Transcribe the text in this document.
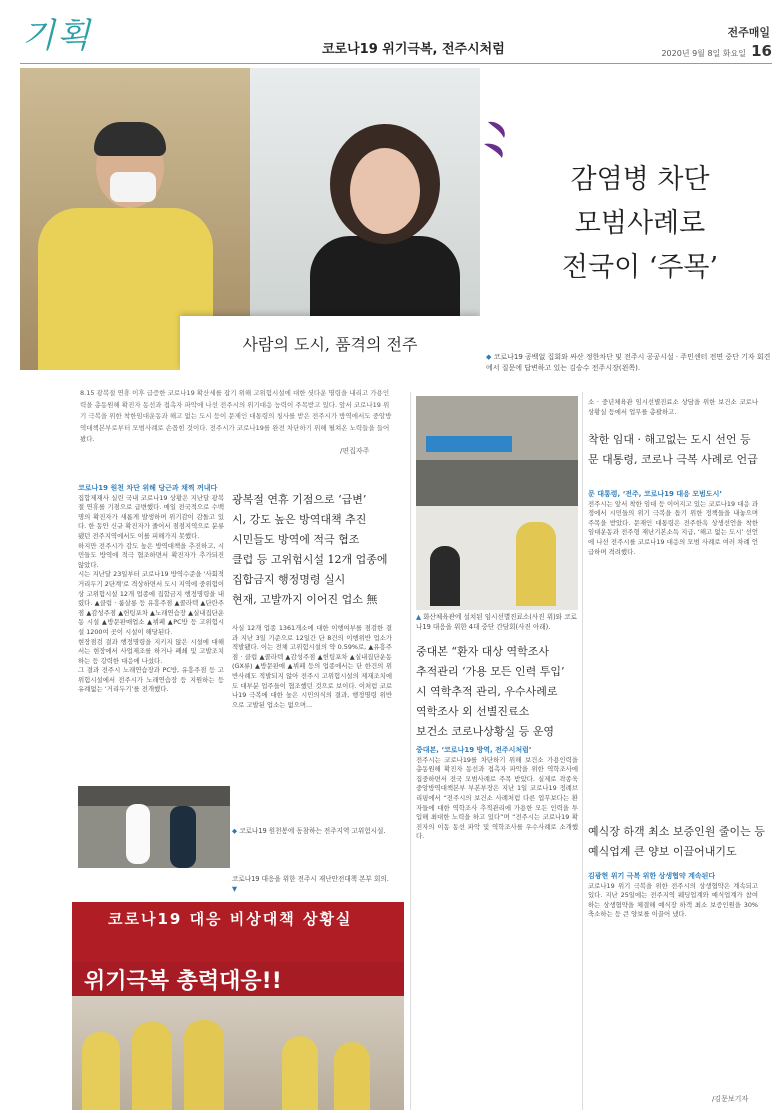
기획	코로나19 위기극복, 전주시처럼
전주매일
2020년 9월 8일 화요일 16
사람의 도시, 품격의 전주
감염병 차단
모범사례로
전국이 ‘주목’
◆ 코로나19 공백없 집회와 싸산 정한차단 및 전주시 공공시설 · 주민센터 전면 중단 기자 회견에서 질문에 답변하고 있는 김승수 전주시장(왼쪽).
8.15 광복절 연휴 이후 급증한 코로나19 확산세를 잡기 위해 고위험시설에 대한 셧다운 명령을 내리고 가용인력을 총동원해 확진자 동선과 접촉자 파악에 나선 전주시의 위기대응 능력이 주목받고 있다. 앞서 코로나19 위기 극복을 위한 착한임대운동과 해고 없는 도시 등이 문제인 대통령의 칭사를 받은 전주시가 방역에서도 중앙방역대책본부로부터 모범사례로 손꼽힌 것이다. 전주시가 코로나19를 완전 차단하기 위해 펼쳐온 노력들을 들어봤다.
/편집자주
코로나19 원천 차단 위해 당근과 채찍 꺼내다

집합제재사 실린 국내 코로나19 상황은 지난달 광복절 연휴를 기점으로 급변했다. 매일 전국적으로 수백명의 확진자가 새롭게 발생하며 위기감이 감돌고 있다. 한 동안 신규 확진자가 줄어서 점점지역으로 분류됐던 전주지역에서도 이를 피해가지 못했다.

하지만 전주시가 감도 높은 방역대책을 추진하고, 시민들도 방역에 적극 협조하면서 확진자가 추가되진 않았다.

시는 지난달 23일부터 코로나19 방역수준을 '사회적 거리두기 2단계'로 격상하면서 도시 지역에 중위험이상 고위험시설 12개 업종에 집합금지 행정명령을 내렸다. ▲클럽 · 룸살롱 등 유흥주점 ▲콜라텍 ▲단란주점 ▲감성주점 ▲헌팅포차 ▲노래연습장 ▲실내집단운동 시설 ▲방문판매업소 ▲뷔페 ▲PC방 등 고위험시설 1200여 곳이 시설이 해당된다.

현장점검 결과 행정명령을 지키지 않은 시설에 대해서는 현장에서 사업제조를 하거나 폐쇄 및 고발조치하는 등 강력한 대응에 나섰다.

그 결과 전주시 노래연습장과 PC방, 유흥주점 등 고위험시설에서 전주시가 노래연습장 등 지원하는 등 유례없는 ‘거리두기’를 전개했다.

광복절 연휴 기점으로 ‘급변’
시, 강도 높은 방역대책 추진
시민들도 방역에 적극 협조
클럽 등 고위험시설 12개 업종에
집합금지 행정명령 실시
현재, 고발까지 이어진 업소 無
사실 12개 업종 1361개소에 대한 이행여부를 점검한 결과 지난 3일 기준으로 12일간 단 8건의 이행위반 업소가 적발됐다. 이는 전체 고위험시설의 약 0.59%로, ▲유흥주점 · 클럽 ▲콜라텍 ▲감성주점 ▲헌팅포차 ▲실내집단운동(GX류) ▲방문판매 ▲뷔페 등의 업종에서는 단 한건의 위반사례도 적발되지 않아 전주시 고위험시설의 제재조치에도 대부분 업주들이 협조했던 것으로 보이다. 이처럼 코로나19 극복에 대한 높은 시민의식의 결과, 행정명령 위반으로 고발된 업소는 없으며...
◆ 코로나19 원천봉에 동참하는 전주지역 고위험시설.
코로나19 대응을 위한 전주시 재난안전대책 본부 회의. ▼
코로나19 대응 비상대책 상황실
위기극복 총력대응!!
▲ 화산체육관에 설치된 임시선별진료소(사진 위)와 코로나19 대응을 위한 4대 중단 간담회(사진 아래).
중대본 “환자 대상 역학조사
추적관리 ‘가용 모든 인력 투입’
시 역학추적 관리, 우수사례로
역학조사 외 선별진료소
보건소 코로나상황실 등 운영
중대본, ‘코로나19 방역, 전주시처럼’

전주시는 코로나19를 차단하기 위해 보건소 가용인력을 총동원해 확진자 동선과 접촉자 파악을 위한 역학조사에 집중하면서 전국 모범사례로 주목 받았다. 실제로 곽종욱 중앙방역대책본부 부본부장은 지난 1일 코로나19 정례브리핑에서 “전주시의 보건소 사례처럼 다른 업무보다는 환자들에 대한 역학조사 추적관리에 가용한 모든 인력을 투입해 최대한 노력을 하고 있다”며 “전주시는 코로나19 확진자의 이동 동선 파악 및 역학조사를 우수사례로 소개했다.

소 · 중년체육관 임시선별진료소 상담을 위한 보건소 코로나상황실 등에서 업무를 총괄하고.
착한 임대 · 해고없는 도시 선언 등
문 대통령, 코로나 극복 사례로 언급
문 대통령, ‘전주, 코로나19 대응 모범도시’

전주시는 앞서 착한 임대 등 이어지고 있는 코로나19 대응 과정에서 시민들의 위기 극복을 돕기 위한 정책들을 내놓으며 주목을 받았다. 문재인 대통령은 전주한옥 상생선언을 착한 임대운동과 전주형 재난기본소득 지급, ‘해고 없는 도시’ 선언에 나선 전주시를 코로나19 대응의 모범 사례로 여러 차례 언급하며 격려했다.

예식장 하객 최소 보증인원 줄이는 등
예식업계 큰 양보 이끌어내기도
김광현 위기 극복 위한 상생협약 계속된다

코로나19 위기 극복을 위한 전주시의 상생협약은 계속되고 있다. 지난 25일에는 전주지역 웨딩업계와 예식업계가 참여하는 상생협약을 체결해 예식장 하객 최소 보증인원을 30% 축소하는 등 큰 양보를 이끌어 냈다.

/김문보기자
